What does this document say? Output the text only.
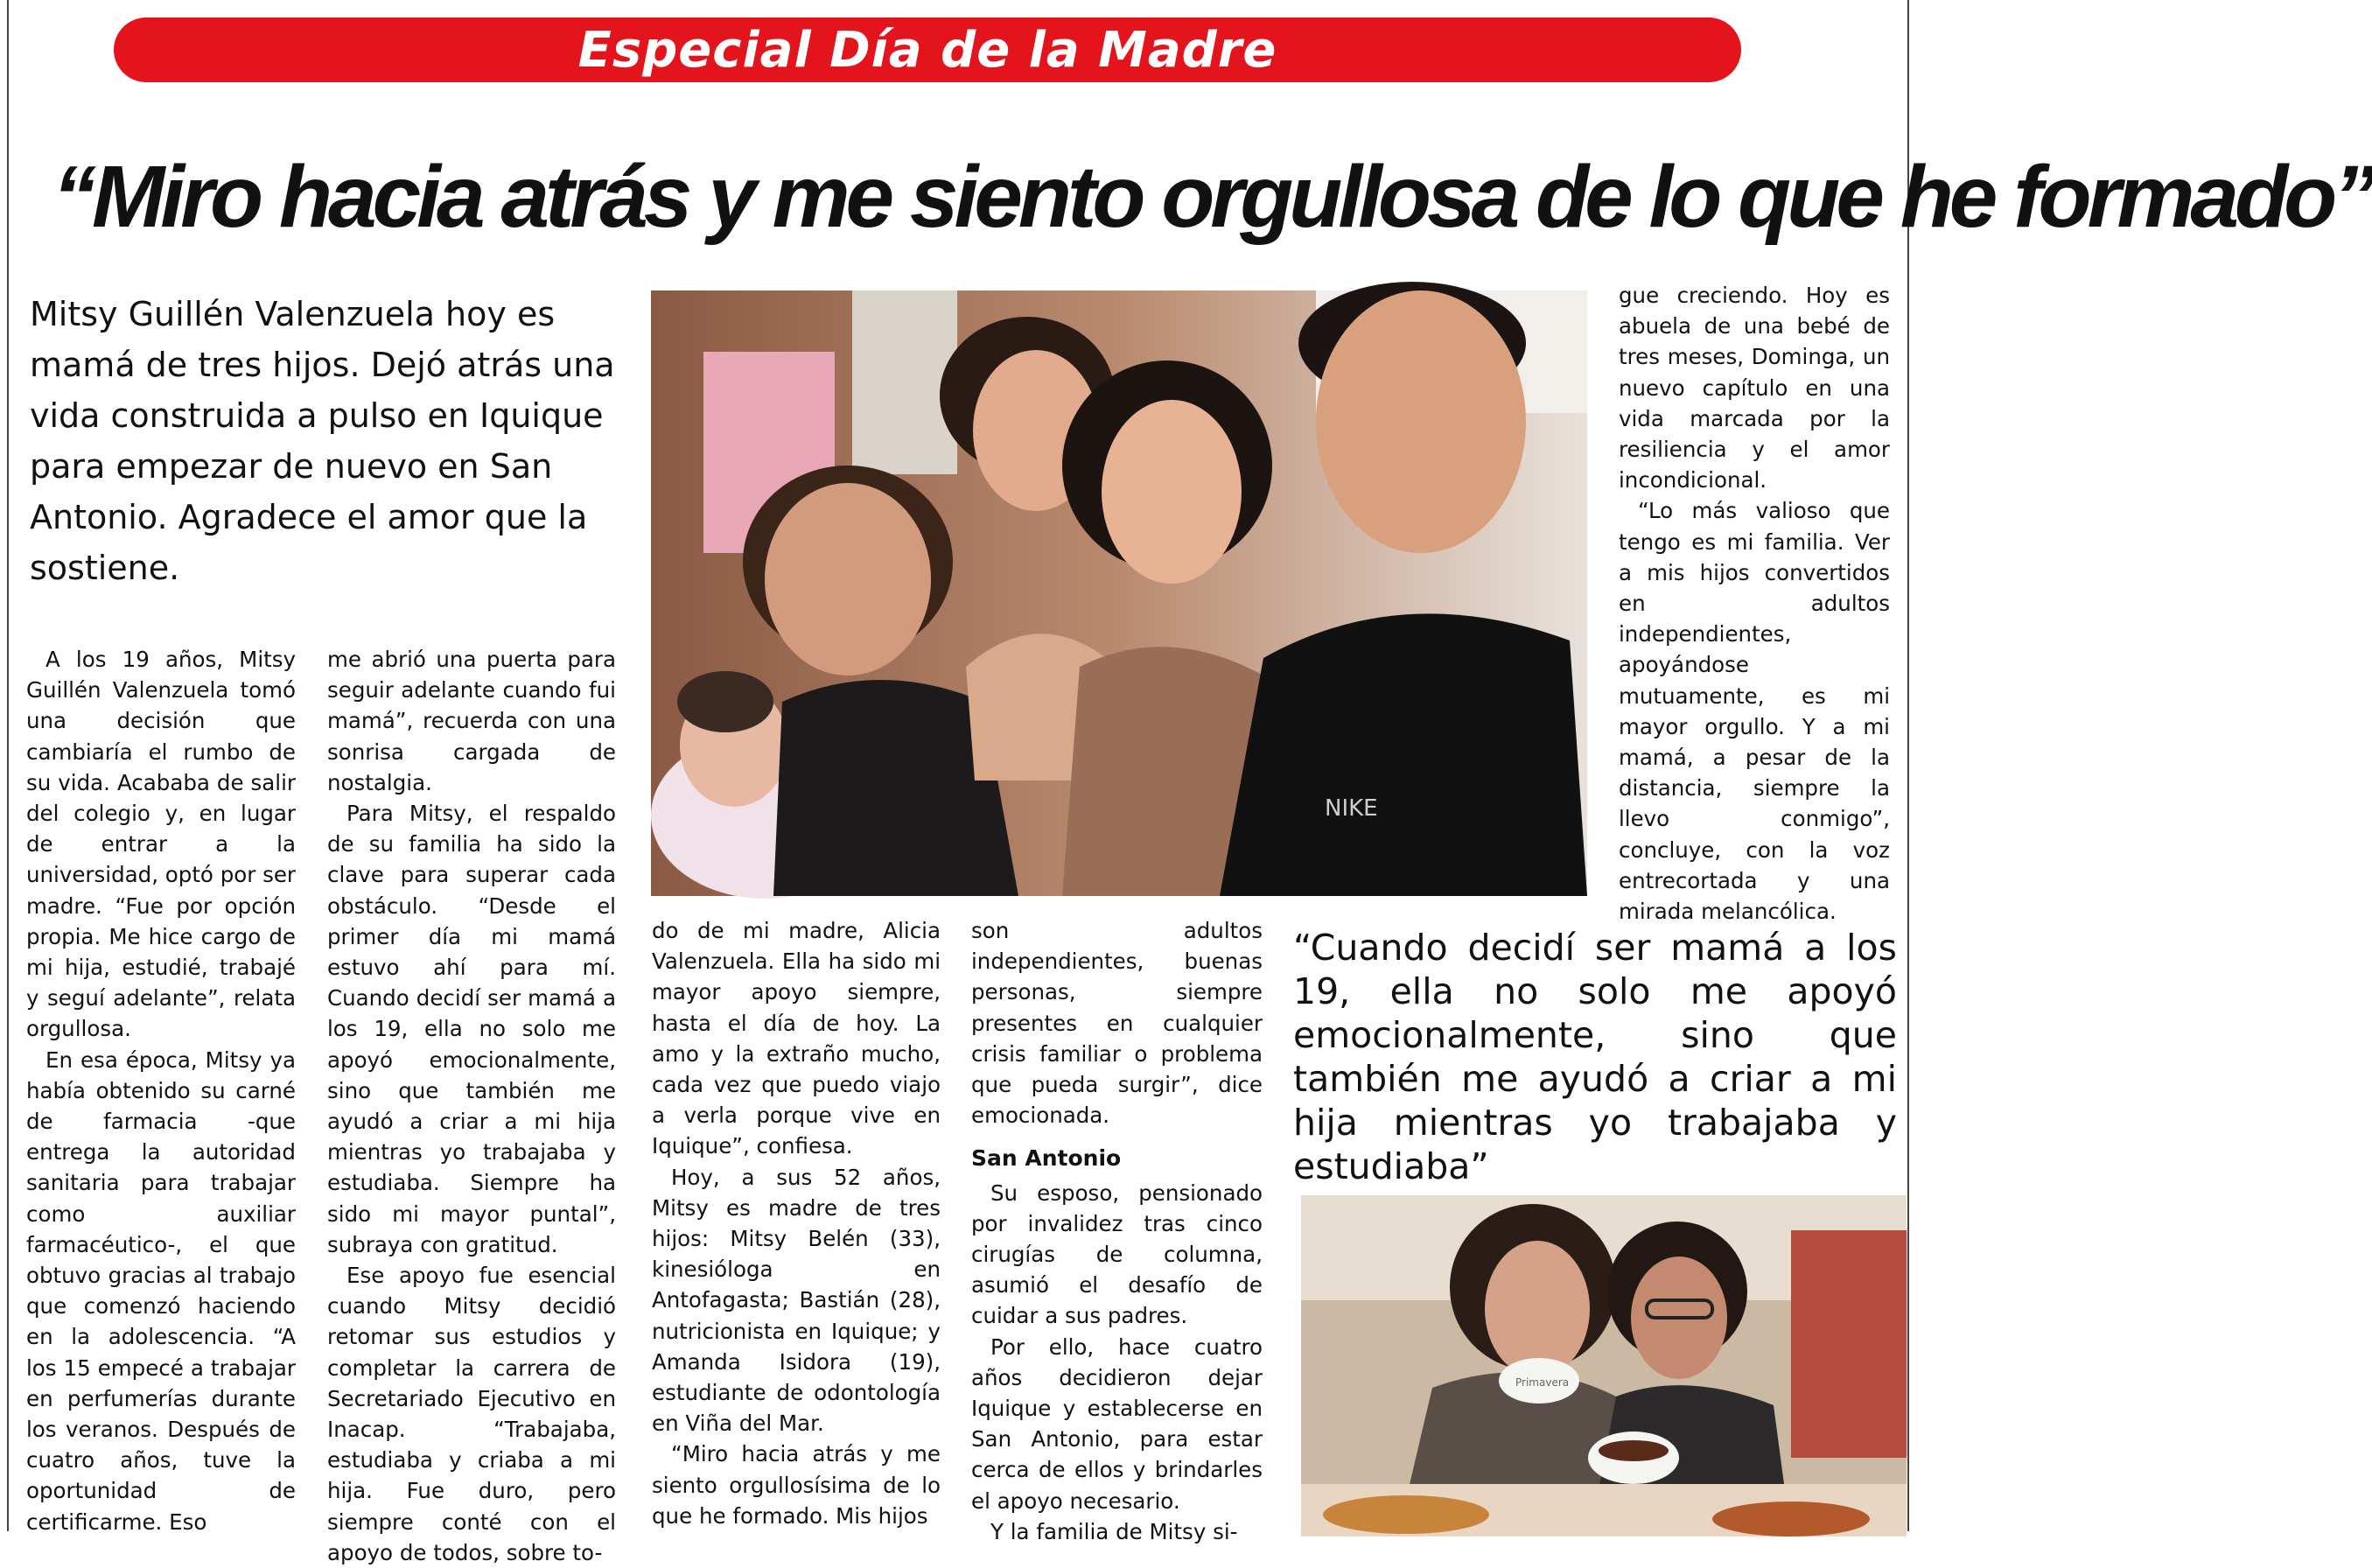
Especial Día de la Madre
“Miro hacia atrás y me siento orgullosa de lo que he formado”
Mitsy Guillén Valenzuela hoy es mamá de tres hijos. Dejó atrás una vida construida a pulso en Iquique para empezar de nuevo en San Antonio. Agradece el amor que la sostiene.
NIKE

A los 19 años, Mitsy Guillén Valenzuela tomó una decisión que cambiaría el rumbo de su vida. Acababa de salir del colegio y, en lugar de entrar a la universidad, optó por ser madre. “Fue por opción propia. Me hice cargo de mi hija, estudié, trabajé y seguí adelante”, relata orgullosa.

En esa época, Mitsy ya había obtenido su carné de farmacia -que entrega la autoridad sanitaria para trabajar como auxiliar farmacéutico-, el que obtuvo gracias al trabajo que comenzó haciendo en la adolescencia. “A los 15 empecé a trabajar en perfumerías durante los veranos. Después de cuatro años, tuve la oportunidad de certificarme. Eso

me abrió una puerta para seguir adelante cuando fui mamá”, recuerda con una sonrisa cargada de nostalgia.

Para Mitsy, el respaldo de su familia ha sido la clave para superar cada obstáculo. “Desde el primer día mi mamá estuvo ahí para mí. Cuando decidí ser mamá a los 19, ella no solo me apoyó emocionalmente, sino que también me ayudó a criar a mi hija mientras yo trabajaba y estudiaba. Siempre ha sido mi mayor puntal”, subraya con gratitud.

Ese apoyo fue esencial cuando Mitsy decidió retomar sus estudios y completar la carrera de Secretariado Ejecutivo en Inacap. “Trabajaba, estudiaba y criaba a mi hija. Fue duro, pero siempre conté con el apoyo de todos, sobre to-

do de mi madre, Alicia Valenzuela. Ella ha sido mi mayor apoyo siempre, hasta el día de hoy. La amo y la extraño mucho, cada vez que puedo viajo a verla porque vive en Iquique”, confiesa.

Hoy, a sus 52 años, Mitsy es madre de tres hijos: Mitsy Belén (33), kinesióloga en Antofagasta; Bastián (28), nutricionista en Iquique; y Amanda Isidora (19), estudiante de odontología en Viña del Mar.

“Miro hacia atrás y me siento orgullosísima de lo que he formado. Mis hijos

son adultos independientes, buenas personas, siempre presentes en cualquier crisis familiar o problema que pueda surgir”, dice emocionada.

San Antonio

Su esposo, pensionado por invalidez tras cinco cirugías de columna, asumió el desafío de cuidar a sus padres.

Por ello, hace cuatro años decidieron dejar Iquique y establecerse en San Antonio, para estar cerca de ellos y brindarles el apoyo necesario.

Y la familia de Mitsy si-

gue creciendo. Hoy es abuela de una bebé de tres meses, Dominga, un nuevo capítulo en una vida marcada por la resiliencia y el amor incondicional.

“Lo más valioso que tengo es mi familia. Ver a mis hijos convertidos en adultos independientes, apoyándose mutuamente, es mi mayor orgullo. Y a mi mamá, a pesar de la distancia, siempre la llevo conmigo”, concluye, con la voz entrecortada y una mirada melancólica.

“Cuando decidí ser mamá a los 19, ella no solo me apoyó emocionalmente, sino que también me ayudó a criar a mi hija mientras yo trabajaba y estudiaba”
Primavera
